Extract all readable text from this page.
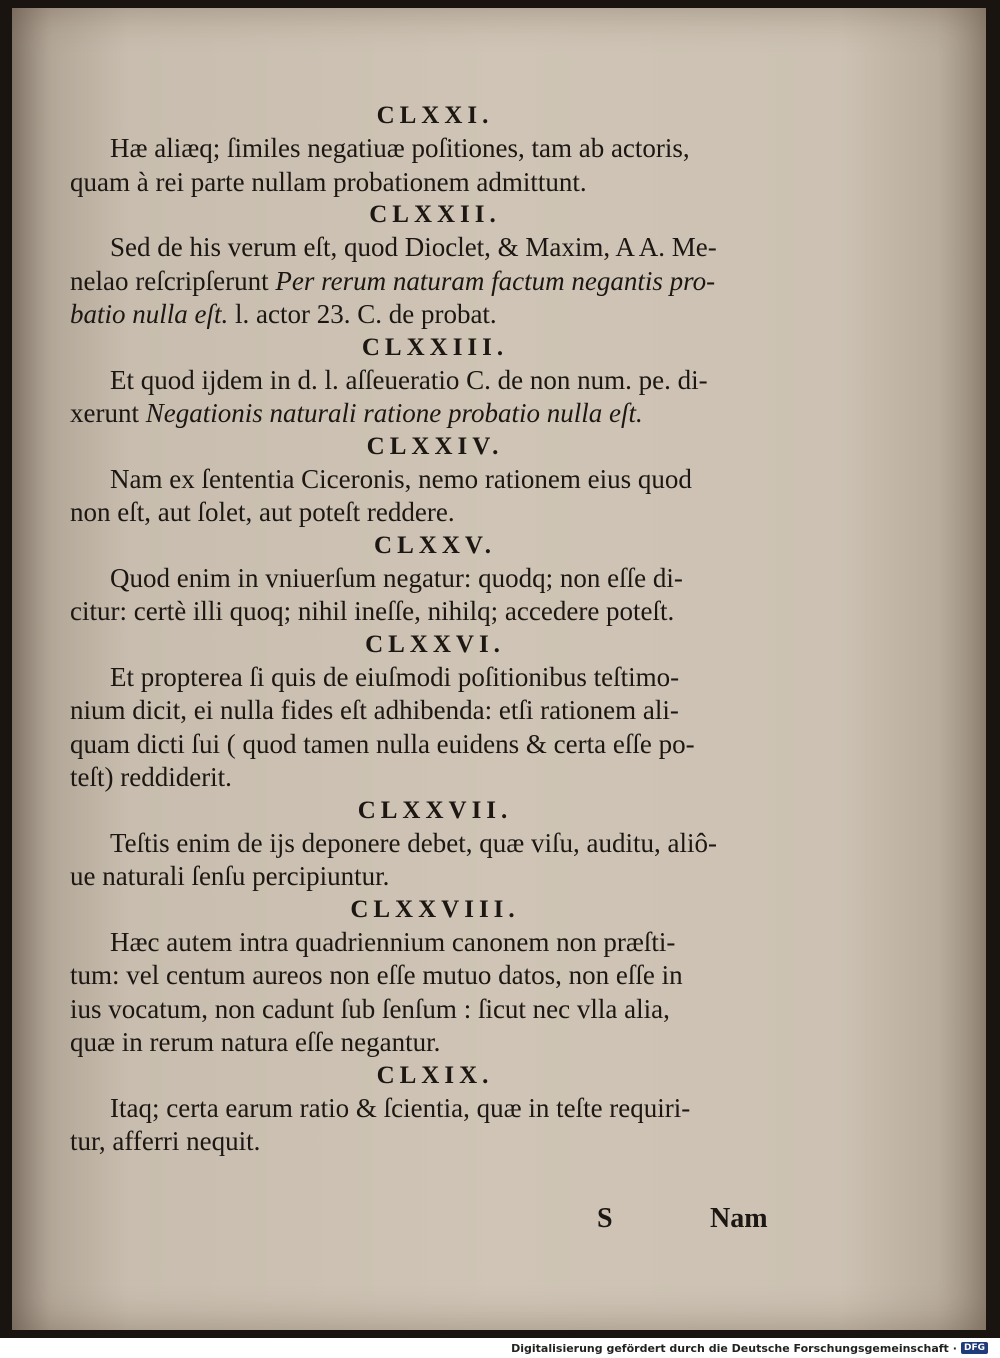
CLXXI.
Hæ aliæq; ſimiles negatiuæ poſitiones, tam ab actoris,
quam à rei parte nullam probationem admittunt.
CLXXII.
Sed de his verum eſt, quod Dioclet, & Maxim, A A. Me-
nelao reſcripſerunt Per rerum naturam factum negantis pro-
batio nulla eſt. l. actor 23. C. de probat.
CLXXIII.
Et quod ijdem in d. l. aſſeueratio C. de non num. pe. di-
xerunt Negationis naturali ratione probatio nulla eſt.
CLXXIV.
Nam ex ſententia Ciceronis, nemo rationem eius quod
non eſt, aut ſolet, aut poteſt reddere.
CLXXV.
Quod enim in vniuerſum negatur: quodq; non eſſe di-
citur: certè illi quoq; nihil ineſſe, nihilq; accedere poteſt.
CLXXVI.
Et propterea ſi quis de eiuſmodi poſitionibus teſtimo-
nium dicit, ei nulla fides eſt adhibenda: etſi rationem ali-
quam dicti ſui ( quod tamen nulla euidens & certa eſſe po-
teſt) reddiderit.
CLXXVII.
Teſtis enim de ijs deponere debet, quæ viſu, auditu, aliô-
ue naturali ſenſu percipiuntur.
CLXXVIII.
Hæc autem intra quadriennium canonem non præſti-
tum: vel centum aureos non eſſe mutuo datos, non eſſe in
ius vocatum, non cadunt ſub ſenſum : ſicut nec vlla alia,
quæ in rerum natura eſſe negantur.
CLXIX.
Itaq; certa earum ratio & ſcientia, quæ in teſte requiri-
tur, afferri nequit.
S	Nam
Digitalisierung gefördert durch die Deutsche Forschungsgemeinschaft · DFG
